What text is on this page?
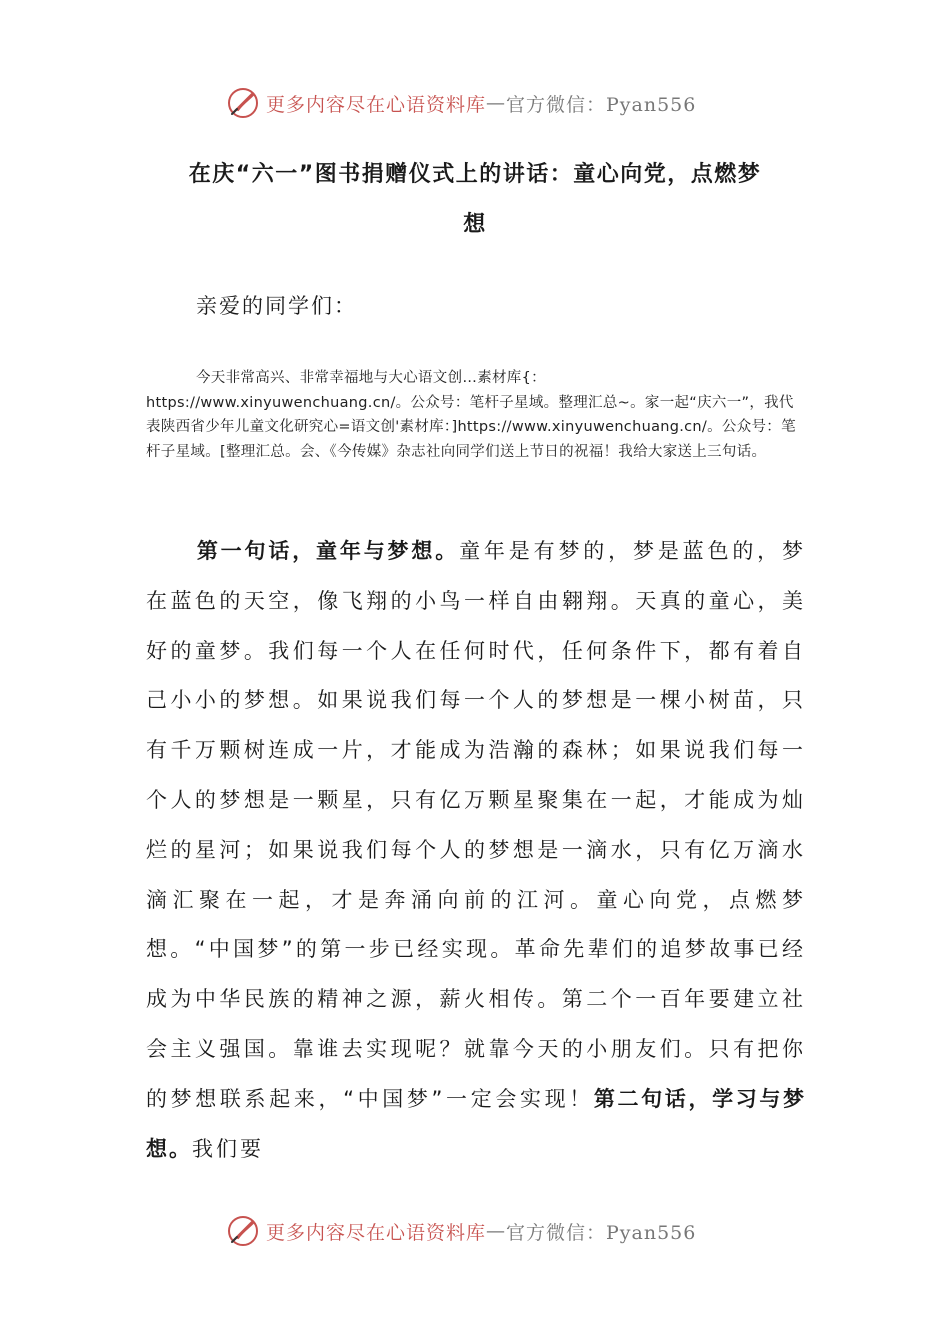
更多内容尽在心语资料库 — 官方微信：Pyan556
在庆“六一”图书捐赠仪式上的讲话：童心向党，点燃梦
想
亲爱的同学们：
今天非常高兴、非常幸福地与大心语文创…素材库{：https://www.xinyuwenchuang.cn/。公众号：笔杆子星域。整理汇总~。家一起“庆六一”，我代表陕西省少年儿童文化研究心=语文创'素材库：]https://www.xinyuwenchuang.cn/。公众号：笔杆子星域。[整理汇总。会、《今传媒》杂志社向同学们送上节日的祝福！我给大家送上三句话。
第一句话，童年与梦想。童年是有梦的，梦是蓝色的，梦在蓝色的天空，像飞翔的小鸟一样自由翱翔。天真的童心，美好的童梦。我们每一个人在任何时代，任何条件下，都有着自己小小的梦想。如果说我们每一个人的梦想是一棵小树苗，只有千万颗树连成一片，才能成为浩瀚的森林；如果说我们每一个人的梦想是一颗星，只有亿万颗星聚集在一起，才能成为灿烂的星河；如果说我们每个人的梦想是一滴水，只有亿万滴水滴汇聚在一起，才是奔涌向前的江河。童心向党，点燃梦想。“中国梦”的第一步已经实现。革命先辈们的追梦故事已经成为中华民族的精神之源，薪火相传。第二个一百年要建立社会主义强国。靠谁去实现呢？就靠今天的小朋友们。只有把你的梦想联系起来，“中国梦”一定会实现！第二句话，学习与梦想。我们要
更多内容尽在心语资料库 — 官方微信：Pyan556
